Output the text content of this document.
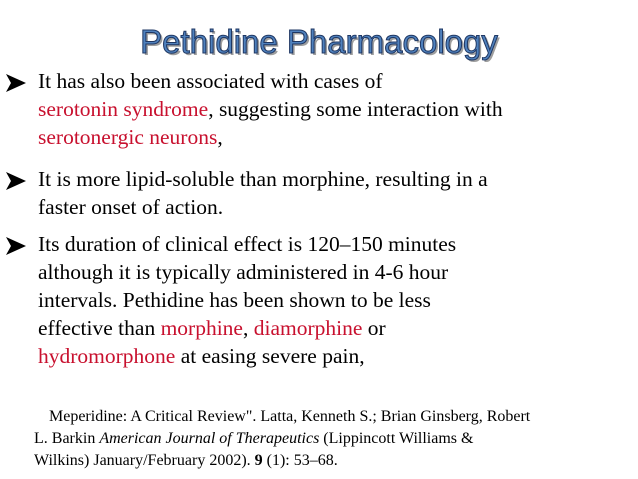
Pethidine Pharmacology
It has also been associated with cases of
serotonin syndrome, suggesting some interaction with
serotonergic neurons,
It is more lipid-soluble than morphine, resulting in a
faster onset of action.
Its duration of clinical effect is 120–150 minutes
although it is typically administered in 4-6 hour
intervals. Pethidine has been shown to be less
effective than morphine, diamorphine or
hydromorphone at easing severe pain,
Meperidine: A Critical Review". Latta, Kenneth S.; Brian Ginsberg, Robert
L. Barkin American Journal of Therapeutics (Lippincott Williams &
Wilkins) January/February 2002). 9 (1): 53–68.
